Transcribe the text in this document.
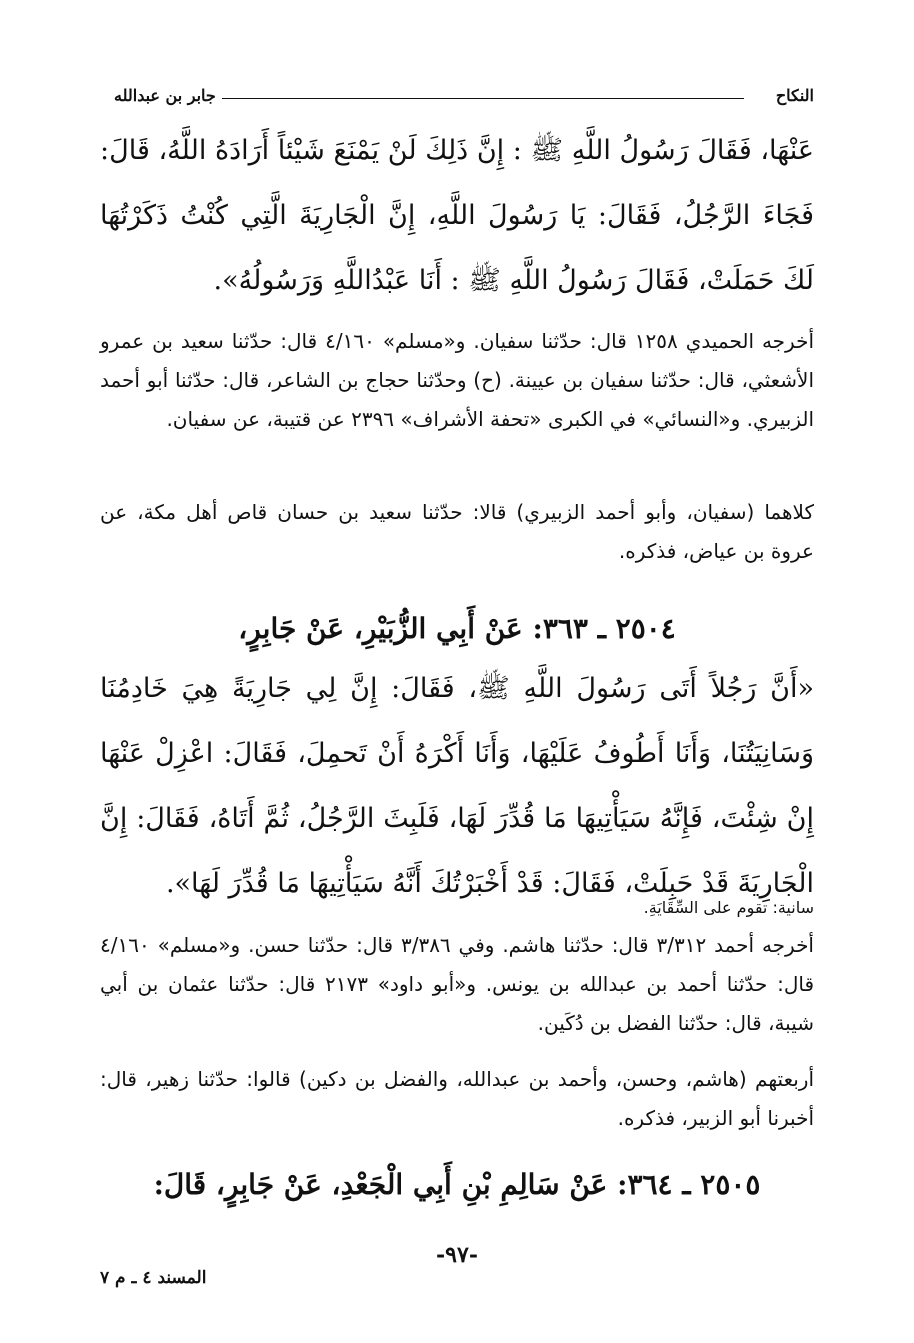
النكاح
جابر بن عبدالله

عَنْهَا، فَقَالَ رَسُولُ اللَّهِ ﷺ : إِنَّ ذَلِكَ لَنْ يَمْنَعَ شَيْئاً أَرَادَهُ اللَّهُ، قَالَ: فَجَاءَ الرَّجُلُ، فَقَالَ: يَا رَسُولَ اللَّهِ، إِنَّ الْجَارِيَةَ الَّتِي كُنْتُ ذَكَرْتُهَا لَكَ حَمَلَتْ، فَقَالَ رَسُولُ اللَّهِ ﷺ : أَنَا عَبْدُاللَّهِ وَرَسُولُهُ».

أخرجه الحميدي ١٢٥٨ قال: حدّثنا سفيان. و«مسلم» ٤/١٦٠ قال: حدّثنا سعيد بن عمرو الأشعثي، قال: حدّثنا سفيان بن عيينة. (ح) وحدّثنا حجاج بن الشاعر، قال: حدّثنا أبو أحمد الزبيري. و«النسائي» في الكبرى «تحفة الأشراف» ٢٣٩٦ عن قتيبة، عن سفيان.

كلاهما (سفيان، وأبو أحمد الزبيري) قالا: حدّثنا سعيد بن حسان قاص أهل مكة، عن عروة بن عياض، فذكره.

٢٥٠٤ ـ ٣٦٣: عَنْ أَبِي الزُّبَيْرِ، عَنْ جَابِرٍ،

«أَنَّ رَجُلاً أَتَى رَسُولَ اللَّهِ ﷺ، فَقَالَ: إِنَّ لِي جَارِيَةً هِيَ خَادِمُنَا وَسَانِيَتُنَا، وَأَنَا أَطُوفُ عَلَيْهَا، وَأَنَا أَكْرَهُ أَنْ تَحمِلَ، فَقَالَ: اعْزِلْ عَنْهَا إِنْ شِئْتَ، فَإِنَّهُ سَيَأْتِيهَا مَا قُدِّرَ لَهَا، فَلَبِثَ الرَّجُلُ، ثُمَّ أَتَاهُ، فَقَالَ: إِنَّ الْجَارِيَةَ قَدْ حَبِلَتْ، فَقَالَ: قَدْ أَخْبَرْتُكَ أَنَّهُ سَيَأْتِيهَا مَا قُدِّرَ لَهَا».

سانية: تقوم على السِّقَايَةِ.

أخرجه أحمد ٣/٣١٢ قال: حدّثنا هاشم. وفي ٣/٣٨٦ قال: حدّثنا حسن. و«مسلم» ٤/١٦٠ قال: حدّثنا أحمد بن عبدالله بن يونس. و«أبو داود» ٢١٧٣ قال: حدّثنا عثمان بن أبي شيبة، قال: حدّثنا الفضل بن دُكَين.

أربعتهم (هاشم، وحسن، وأحمد بن عبدالله، والفضل بن دكين) قالوا: حدّثنا زهير، قال: أخبرنا أبو الزبير، فذكره.

٢٥٠٥ ـ ٣٦٤: عَنْ سَالِمِ بْنِ أَبِي الْجَعْدِ، عَنْ جَابِرٍ، قَالَ:

-٩٧-
المسند ٤ ـ م ٧
